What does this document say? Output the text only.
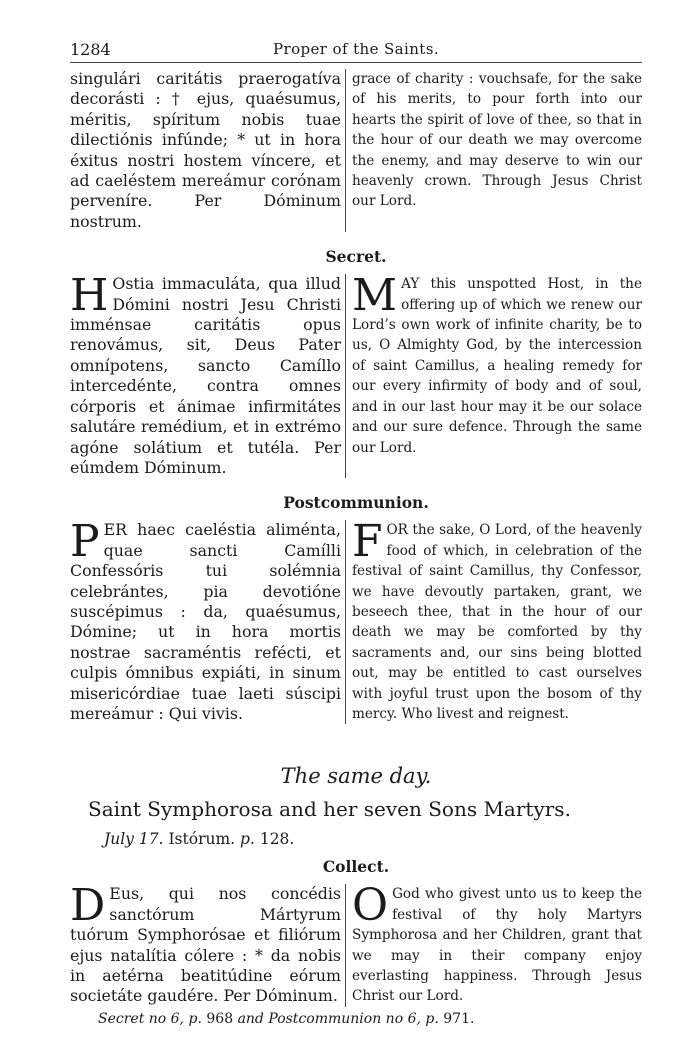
1284	Proper of the Saints.

singulári caritátis praerogatíva decorásti : † ejus, quaésumus, méritis, spíritum nobis tuae dilectiónis infúnde; * ut in hora éxitus nostri hostem víncere, et ad caeléstem mereámur corónam perveníre. Per Dóminum nostrum.

grace of charity : vouchsafe, for the sake of his merits, to pour forth into our hearts the spirit of love of thee, so that in the hour of our death we may overcome the enemy, and may deserve to win our heavenly crown. Through Jesus Christ our Lord.

Secret.

H Ostia immaculáta, qua illud Dómini nostri Jesu Christi imménsae caritátis opus renovámus, sit, Deus Pater omnípotens, sancto Camíllo intercedénte, contra omnes córporis et ánimae infirmitátes salutáre remédium, et in extrémo agóne solátium et tutéla. Per eúmdem Dóminum.

MAY this unspotted Host, in the offering up of which we renew our Lord’s own work of infinite charity, be to us, O Almighty God, by the intercession of saint Camillus, a healing remedy for our every infirmity of body and of soul, and in our last hour may it be our solace and our sure defence. Through the same our Lord.

Postcommunion.

PER haec caeléstia aliménta, quae sancti Camílli Confessóris tui solémnia celebrántes, pia devotióne suscépimus : da, quaésumus, Dómine; ut in hora mortis nostrae sacraméntis refécti, et culpis ómnibus expiáti, in sinum misericórdiae tuae laeti súscipi mereámur : Qui vivis.

FOR the sake, O Lord, of the heavenly food of which, in celebration of the festival of saint Camillus, thy Confessor, we have devoutly partaken, grant, we beseech thee, that in the hour of our death we may be comforted by thy sacraments and, our sins being blotted out, may be entitled to cast ourselves with joyful trust upon the bosom of thy mercy. Who livest and reignest.

The same day.

Saint Symphorosa and her seven Sons Martyrs.

July 17. Istórum. p. 128.

Collect.

D Eus, qui nos concédis sanctórum Mártyrum tuórum Symphorósae et filiórum ejus natalítia cólere : * da nobis in aetérna beatitúdine eórum societáte gaudére. Per Dóminum.

O God who givest unto us to keep the festival of thy holy Martyrs Symphorosa and her Children, grant that we may in their company enjoy everlasting happiness. Through Jesus Christ our Lord.

Secret no 6, p. 968 and Postcommunion no 6, p. 971.
